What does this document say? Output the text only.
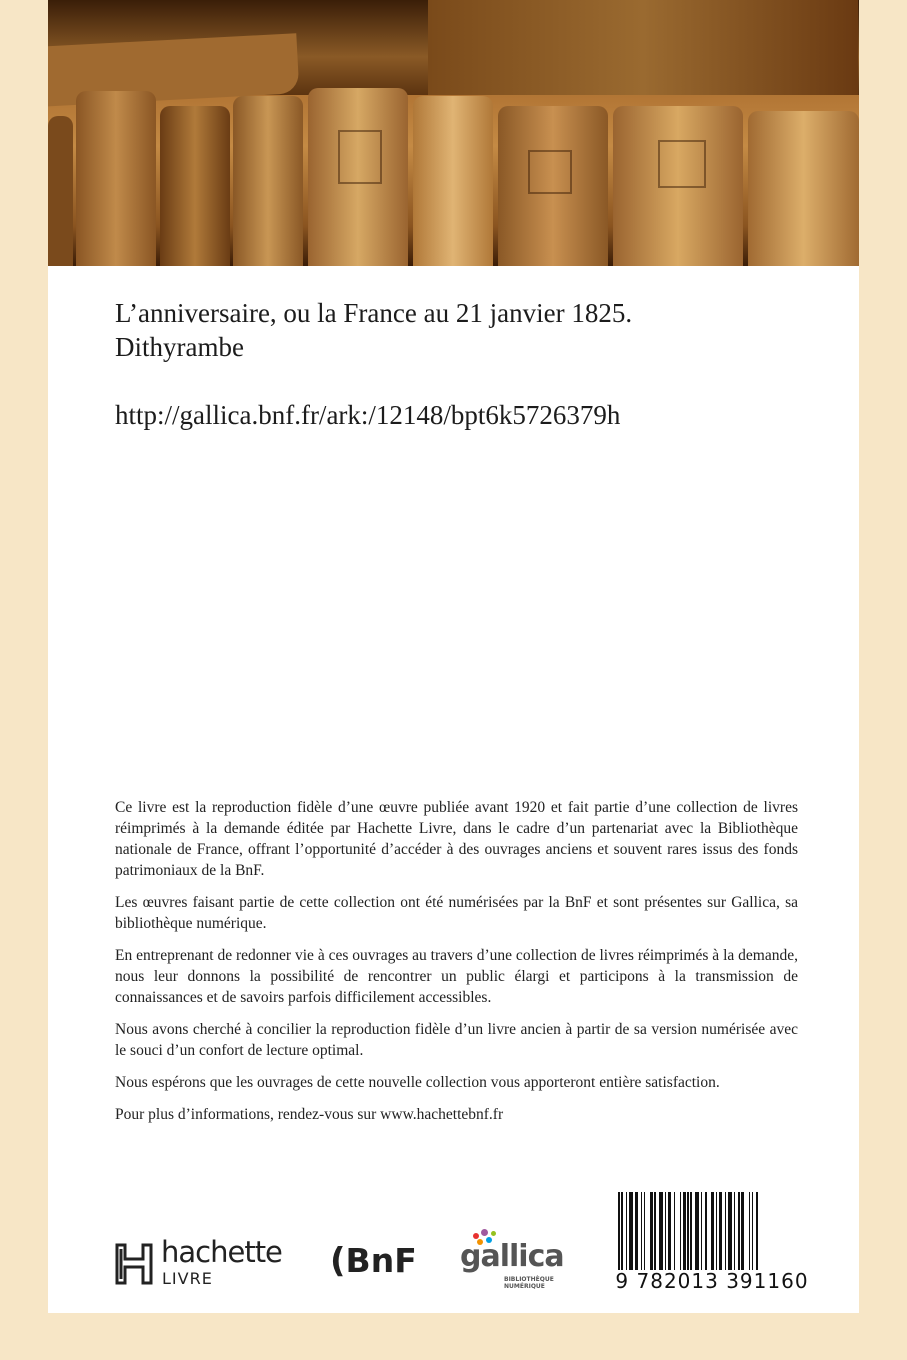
L’anniversaire, ou la France au 21 janvier 1825.
Dithyrambe
http://gallica.bnf.fr/ark:/12148/bpt6k5726379h

Ce livre est la reproduction fidèle d’une œuvre publiée avant 1920 et fait partie d’une collection de livres réimprimés à la demande éditée par Hachette Livre, dans le cadre d’un partenariat avec la Bibliothèque nationale de France, offrant l’opportunité d’accéder à des ouvrages anciens et souvent rares issus des fonds patrimoniaux de la BnF.

Les œuvres faisant partie de cette collection ont été numérisées par la BnF et sont présentes sur Gallica, sa bibliothèque numérique.

En entreprenant de redonner vie à ces ouvrages au travers d’une collection de livres réimprimés à la demande, nous leur donnons la possibilité de rencontrer un public élargi et participons à la transmission de connaissances et de savoirs parfois difficilement accessibles.

Nous avons cherché à concilier la reproduction fidèle d’un livre ancien à partir de sa version numérisée avec le souci d’un confort de lecture optimal.

Nous espérons que les ouvrages de cette nouvelle collection vous apporteront entière satisfaction.

Pour plus d’informations, rendez-vous sur www.hachettebnf.fr

hachette
LIVRE	(BnF gallica
BIBLIOTHÈQUE
NUMÉRIQUE	9 782013 391160
